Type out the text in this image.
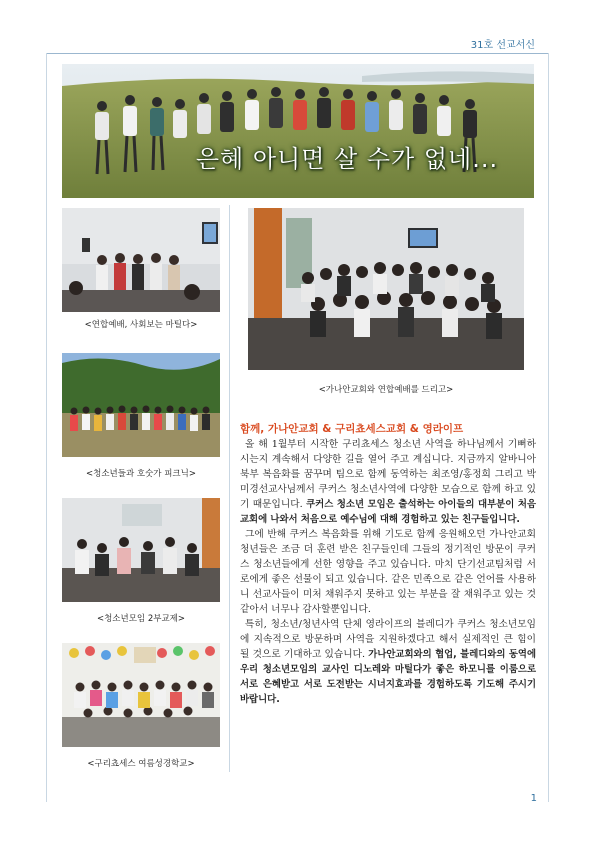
31호 선교서신
은혜 아니면 살 수가 없네...
<연합예배, 사회보는 마틸다>
<가나안교회와 연합예배를 드리고>
<청소년들과 호숫가 피크닉>
<청소년모임 2부교제>
<구리쵸세스 여름성경학교>
함께, 가나안교회 & 구리쵸세스교회 & 영라이프

올 해 1월부터 시작한 구리쵸세스 청소년 사역을 하나님께서 기뻐하시는지 계속해서 다양한 길을 열어 주고 계십니다. 지금까지 알바니아 북부 복음화를 꿈꾸며 팀으로 함께 동역하는 최조영/홍정희 그리고 박미경선교사님께서 쿠커스 청소년사역에 다양한 모습으로 함께 하고 있기 때문입니다. 쿠커스 청소년 모임은 출석하는 아이들의 대부분이 처음 교회에 나와서 처음으로 예수님에 대해 경험하고 있는 친구들입니다.

그에 반해 쿠커스 복음화를 위해 기도로 함께 응원해오던 가나안교회 청년들은 조금 더 훈련 받은 친구들인데 그들의 정기적인 방문이 쿠커스 청소년들에게 선한 영향을 주고 있습니다. 마치 단기선교팀처럼 서로에게 좋은 선물이 되고 있습니다. 같은 민족으로 같은 언어를 사용하니 선교사들이 미처 채워주지 못하고 있는 부분을 잘 채워주고 있는 것 같아서 너무나 감사할뿐입니다.

특히, 청소년/청년사역 단체 영라이프의 블레디가 쿠커스 청소년모임에 지속적으로 방문하며 사역을 지원하겠다고 해서 실제적인 큰 힘이 될 것으로 기대하고 있습니다. 가나안교회와의 협업, 블레디와의 동역에 우리 청소년모임의 교사인 디노레와 마틸다가 좋은 하모니를 이룸으로 서로 은혜받고 서로 도전받는 시너지효과를 경험하도록 기도해 주시기 바랍니다.

1
